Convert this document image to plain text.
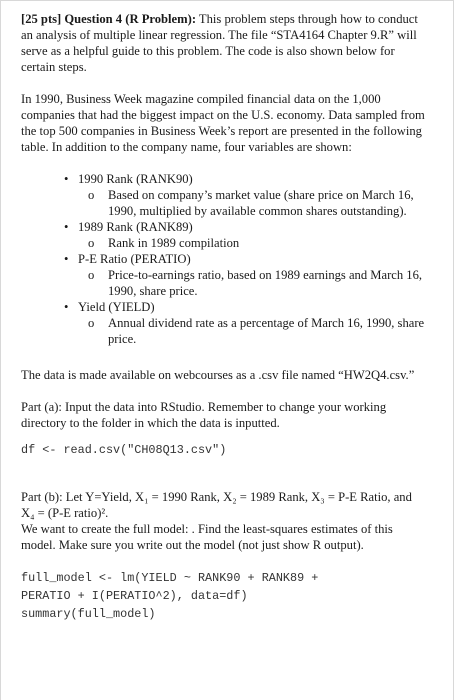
[25 pts] Question 4 (R Problem): This problem steps through how to conduct an analysis of multiple linear regression. The file “STA4164 Chapter 9.R” will serve as a helpful guide to this problem. The code is also shown below for certain steps.

In 1990, Business Week magazine compiled financial data on the 1,000 companies that had the biggest impact on the U.S. economy. Data sampled from the top 500 companies in Business Week’s report are presented in the following table. In addition to the company name, four variables are shown:

• 1990 Rank (RANK90)
o Based on company’s market value (share price on March 16, 1990, multiplied by available common shares outstanding).
• 1989 Rank (RANK89)
o Rank in 1989 compilation
• P-E Ratio (PERATIO)
o Price-to-earnings ratio, based on 1989 earnings and March 16, 1990, share price.
• Yield (YIELD)
o Annual dividend rate as a percentage of March 16, 1990, share price.

The data is made available on webcourses as a .csv file named “HW2Q4.csv.”

Part (a): Input the data into RStudio. Remember to change your working directory to the folder in which the data is inputted.

df <- read.csv("CH08Q13.csv")

Part (b): Let Y=Yield, X₁ = 1990 Rank, X₂ = 1989 Rank, X₃ = P-E Ratio, and X₄ = (P-E ratio)².

We want to create the full model: . Find the least-squares estimates of this model. Make sure you write out the model (not just show R output).

full_model <- lm(YIELD ~ RANK90 + RANK89 +
PERATIO + I(PERATIO^2), data=df)
summary(full_model)
